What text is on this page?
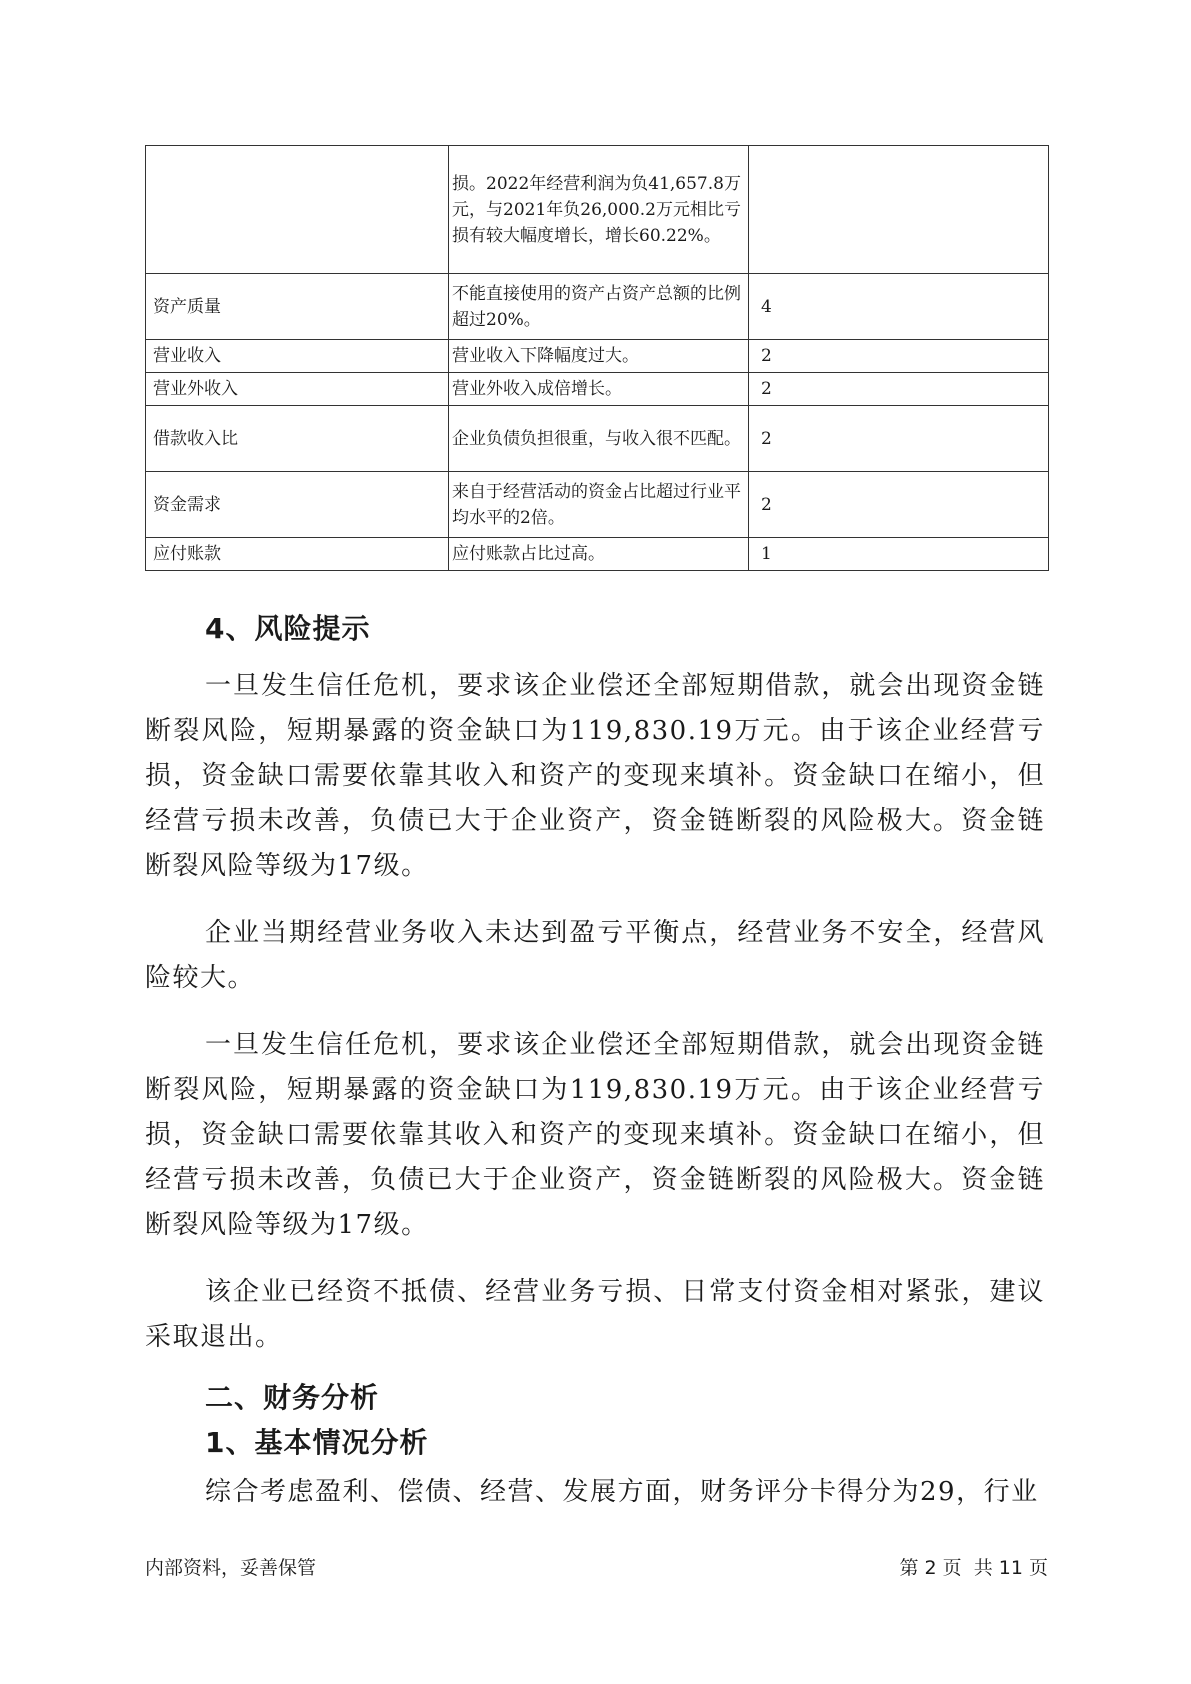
	损。2022年经营利润为负41,657.8万元，与2021年负26,000.2万元相比亏损有较大幅度增长，增长60.22%。	
资产质量	不能直接使用的资产占资产总额的比例超过20%。	4
营业收入	营业收入下降幅度过大。	2
营业外收入	营业外收入成倍增长。	2
借款收入比	企业负债负担很重，与收入很不匹配。	2
资金需求	来自于经营活动的资金占比超过行业平均水平的2倍。	2
应付账款	应付账款占比过高。	1
4、风险提示

一旦发生信任危机，要求该企业偿还全部短期借款，就会出现资金链断裂风险，短期暴露的资金缺口为119,830.19万元。由于该企业经营亏损，资金缺口需要依靠其收入和资产的变现来填补。资金缺口在缩小，但经营亏损未改善，负债已大于企业资产，资金链断裂的风险极大。资金链断裂风险等级为17级。

企业当期经营业务收入未达到盈亏平衡点，经营业务不安全，经营风险较大。

一旦发生信任危机，要求该企业偿还全部短期借款，就会出现资金链断裂风险，短期暴露的资金缺口为119,830.19万元。由于该企业经营亏损，资金缺口需要依靠其收入和资产的变现来填补。资金缺口在缩小，但经营亏损未改善，负债已大于企业资产，资金链断裂的风险极大。资金链断裂风险等级为17级。

该企业已经资不抵债、经营业务亏损、日常支付资金相对紧张，建议采取退出。

二、财务分析
1、基本情况分析

综合考虑盈利、偿债、经营、发展方面，财务评分卡得分为29，行业

内部资料，妥善保管	第 2 页  共 11 页
